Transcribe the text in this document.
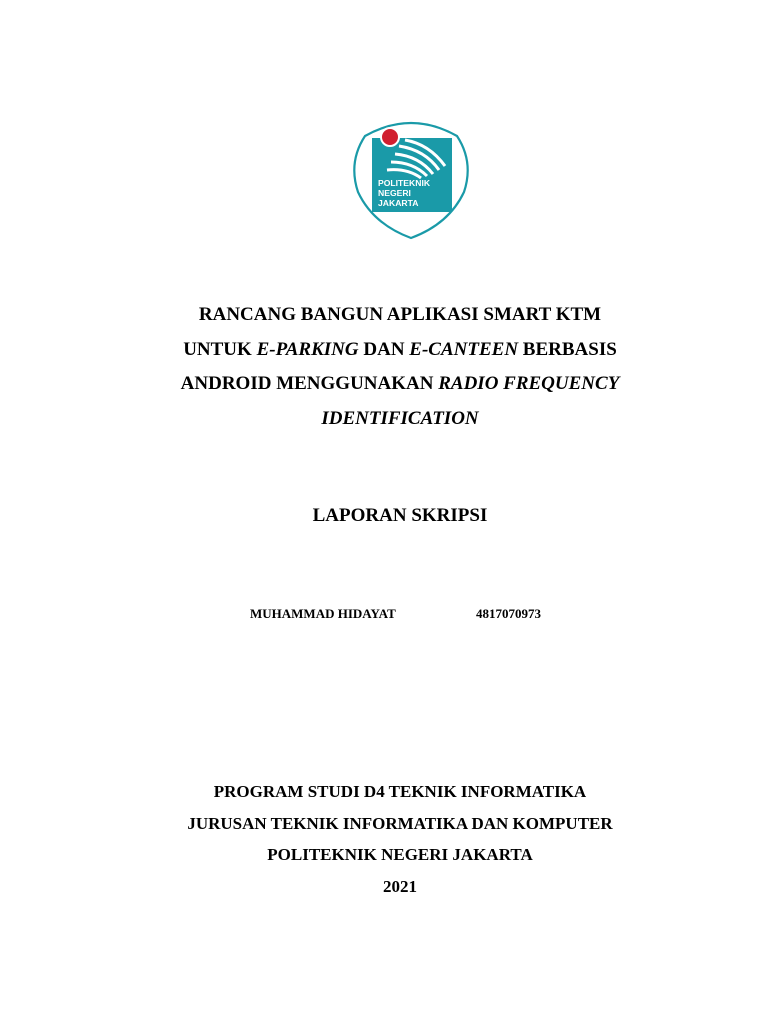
POLITEKNIK
NEGERI
JAKARTA
RANCANG BANGUN APLIKASI SMART KTM
UNTUK E-PARKING DAN E-CANTEEN BERBASIS
ANDROID MENGGUNAKAN RADIO FREQUENCY
IDENTIFICATION
LAPORAN SKRIPSI
MUHAMMAD HIDAYAT	4817070973
PROGRAM STUDI D4 TEKNIK INFORMATIKA
JURUSAN TEKNIK INFORMATIKA DAN KOMPUTER
POLITEKNIK NEGERI JAKARTA
2021
